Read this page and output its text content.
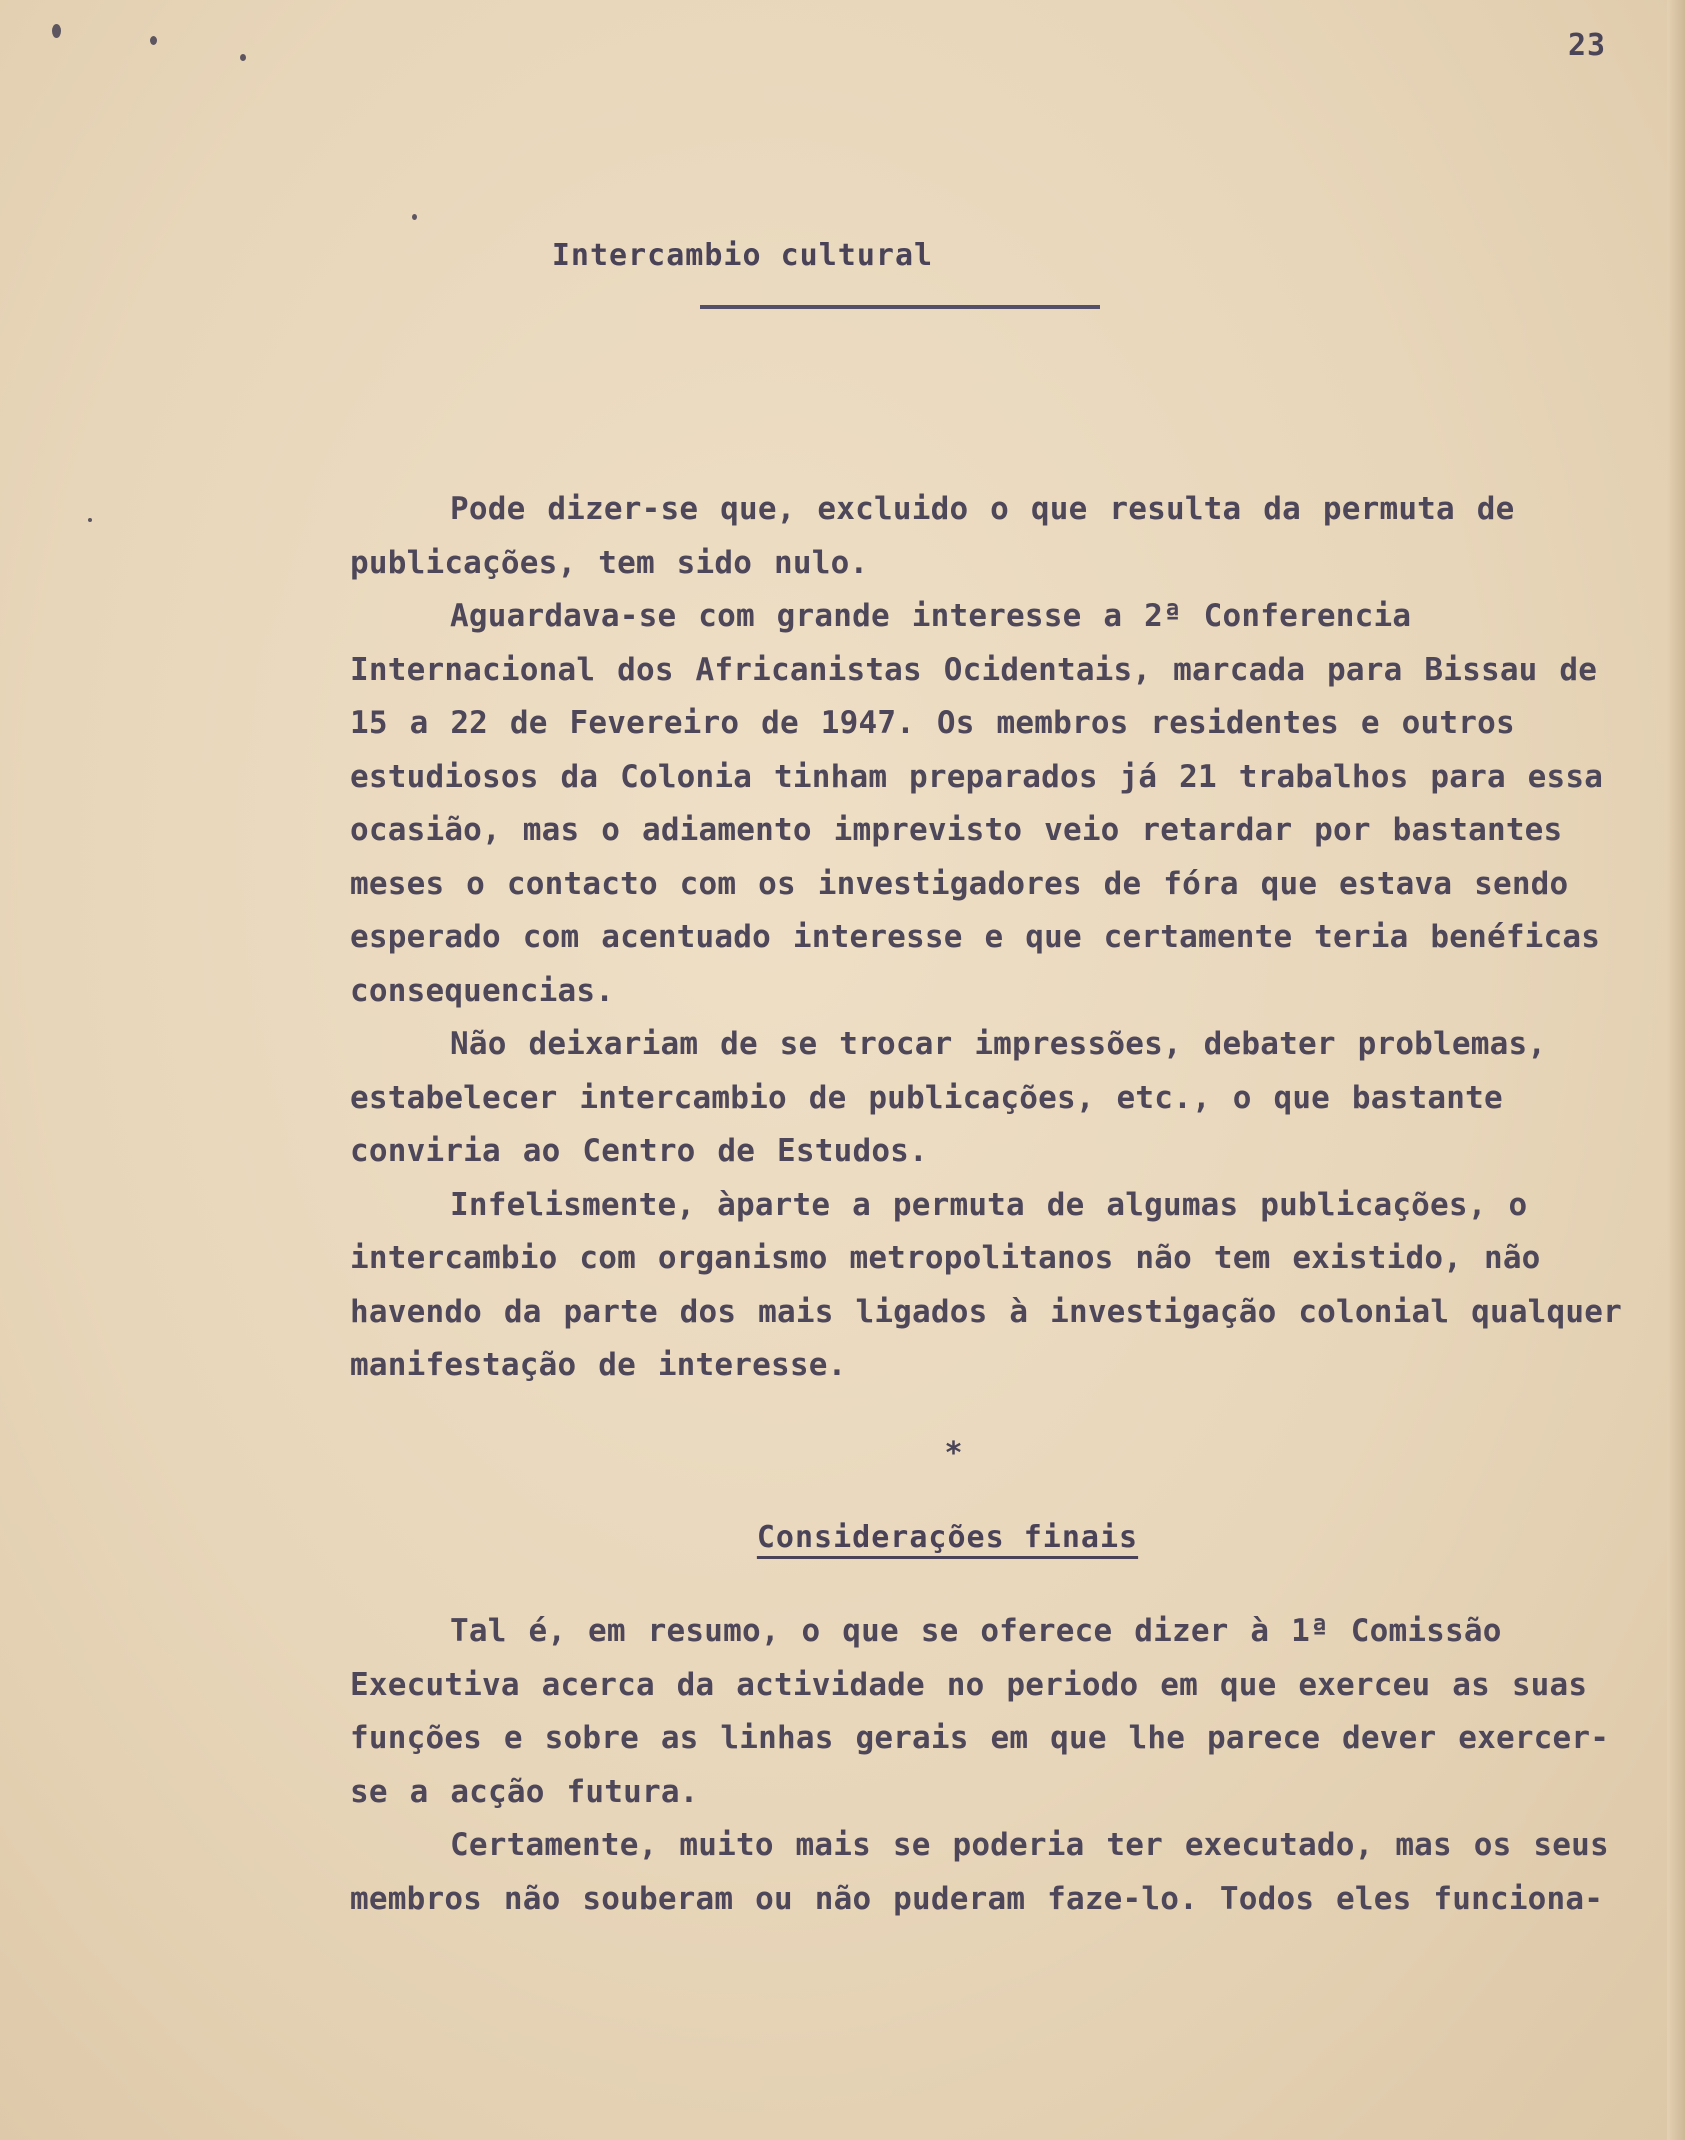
23
Intercambio cultural

Pode dizer-se que, excluido o que resulta da permuta de publicações, tem sido nulo.

Aguardava-se com grande interesse a 2ª Conferencia Internacional dos Africanistas Ocidentais, marcada para Bissau de 15 a 22 de Fevereiro de 1947. Os membros residentes e outros estudiosos da Colonia tinham preparados já 21 trabalhos para essa ocasião, mas o adiamento imprevisto veio retardar por bastantes meses o contacto com os investigadores de fóra que estava sendo esperado com acentuado interesse e que certamente teria benéficas consequencias.

Não deixariam de se trocar impressões, debater problemas, estabelecer intercambio de publicações, etc., o que bastante conviria ao Centro de Estudos.

Infelismente, àparte a permuta de algumas publicações, o intercambio com organismo metropolitanos não tem existido, não havendo da parte dos mais ligados à investigação colonial qualquer manifestação de interesse.

*
Considerações finais

Tal é, em resumo, o que se oferece dizer à 1ª Comissão Executiva acerca da actividade no periodo em que exerceu as suas funções e sobre as linhas gerais em que lhe parece dever exercer-se a acção futura.

Certamente, muito mais se poderia ter executado, mas os seus membros não souberam ou não puderam faze-lo. Todos eles funciona-
